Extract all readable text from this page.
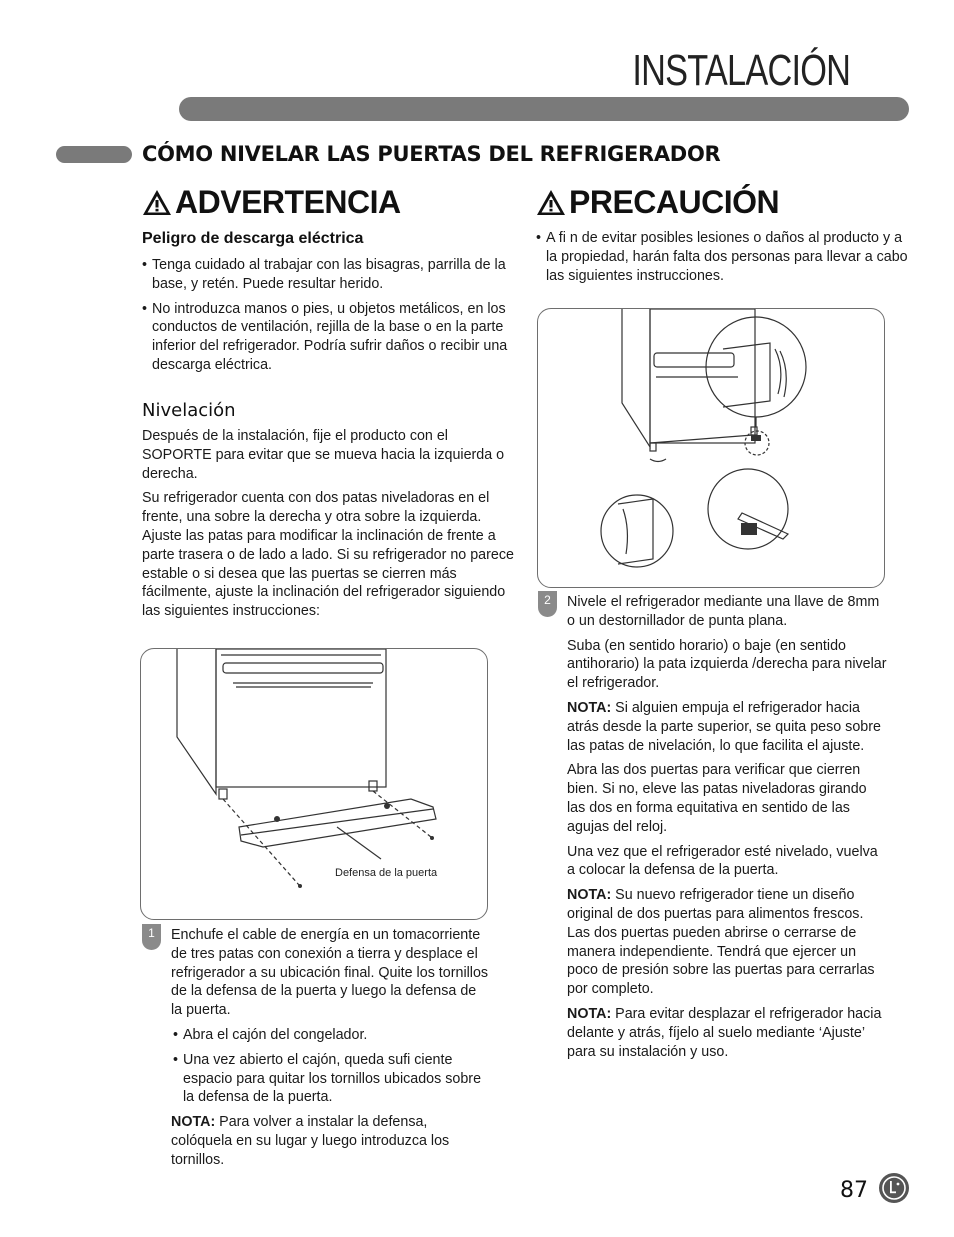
INSTALACIÓN
CÓMO NIVELAR LAS PUERTAS DEL REFRIGERADOR
ADVERTENCIA
Peligro de descarga eléctrica
• Tenga cuidado al trabajar con las bisagras, parrilla de la base, y retén. Puede resultar herido.
• No introduzca manos o pies, u objetos metálicos, en los conductos de ventilación, rejilla de la base o en la parte inferior del refrigerador. Podría sufrir daños o recibir una descarga eléctrica.
Nivelación

Después de la instalación, fije el producto con el SOPORTE para evitar que se mueva hacia la izquierda o derecha.

Su refrigerador cuenta con dos patas niveladoras en el frente, una sobre la derecha y otra sobre la izquierda. Ajuste las patas para modificar la inclinación de frente a parte trasera o de lado a lado. Si su refrigerador no parece estable o si desea que las puertas se cierren más fácilmente, ajuste la inclinación del refrigerador siguiendo las siguientes instrucciones:

Defensa de la puerta
1	Enchufe el cable de energía en un tomacorriente de tres patas con conexión a tierra y desplace el refrigerador a su ubicación final. Quite los tornillos de la defensa de la puerta y luego la defensa de la puerta.

• Abra el cajón del congelador.
• Una vez abierto el cajón, queda sufi ciente espacio para quitar los tornillos ubicados sobre la defensa de la puerta.

NOTA: Para volver a instalar la defensa, colóquela en su lugar y luego introduzca los tornillos.

PRECAUCIÓN
• A fi n de evitar posibles lesiones o daños al producto y a la propiedad, harán falta dos personas para llevar a cabo las siguientes instrucciones.
2	Nivele el refrigerador mediante una llave de 8mm o un destornillador de punta plana.

Suba (en sentido horario) o baje (en sentido antihorario) la pata izquierda /derecha para nivelar el refrigerador.

NOTA: Si alguien empuja el refrigerador hacia atrás desde la parte superior, se quita peso sobre las patas de nivelación, lo que facilita el ajuste.

Abra las dos puertas para verificar que cierren bien. Si no, eleve las patas niveladoras girando las dos en forma equitativa en sentido de las agujas del reloj.

Una vez que el refrigerador esté nivelado, vuelva a colocar la defensa de la puerta.

NOTA: Su nuevo refrigerador tiene un diseño original de dos puertas para alimentos frescos. Las dos puertas pueden abrirse o cerrarse de manera independiente. Tendrá que ejercer un poco de presión sobre las puertas para cerrarlas por completo.

NOTA: Para evitar desplazar el refrigerador hacia delante y atrás, fíjelo al suelo mediante ‘Ajuste’ para su instalación y uso.

87
